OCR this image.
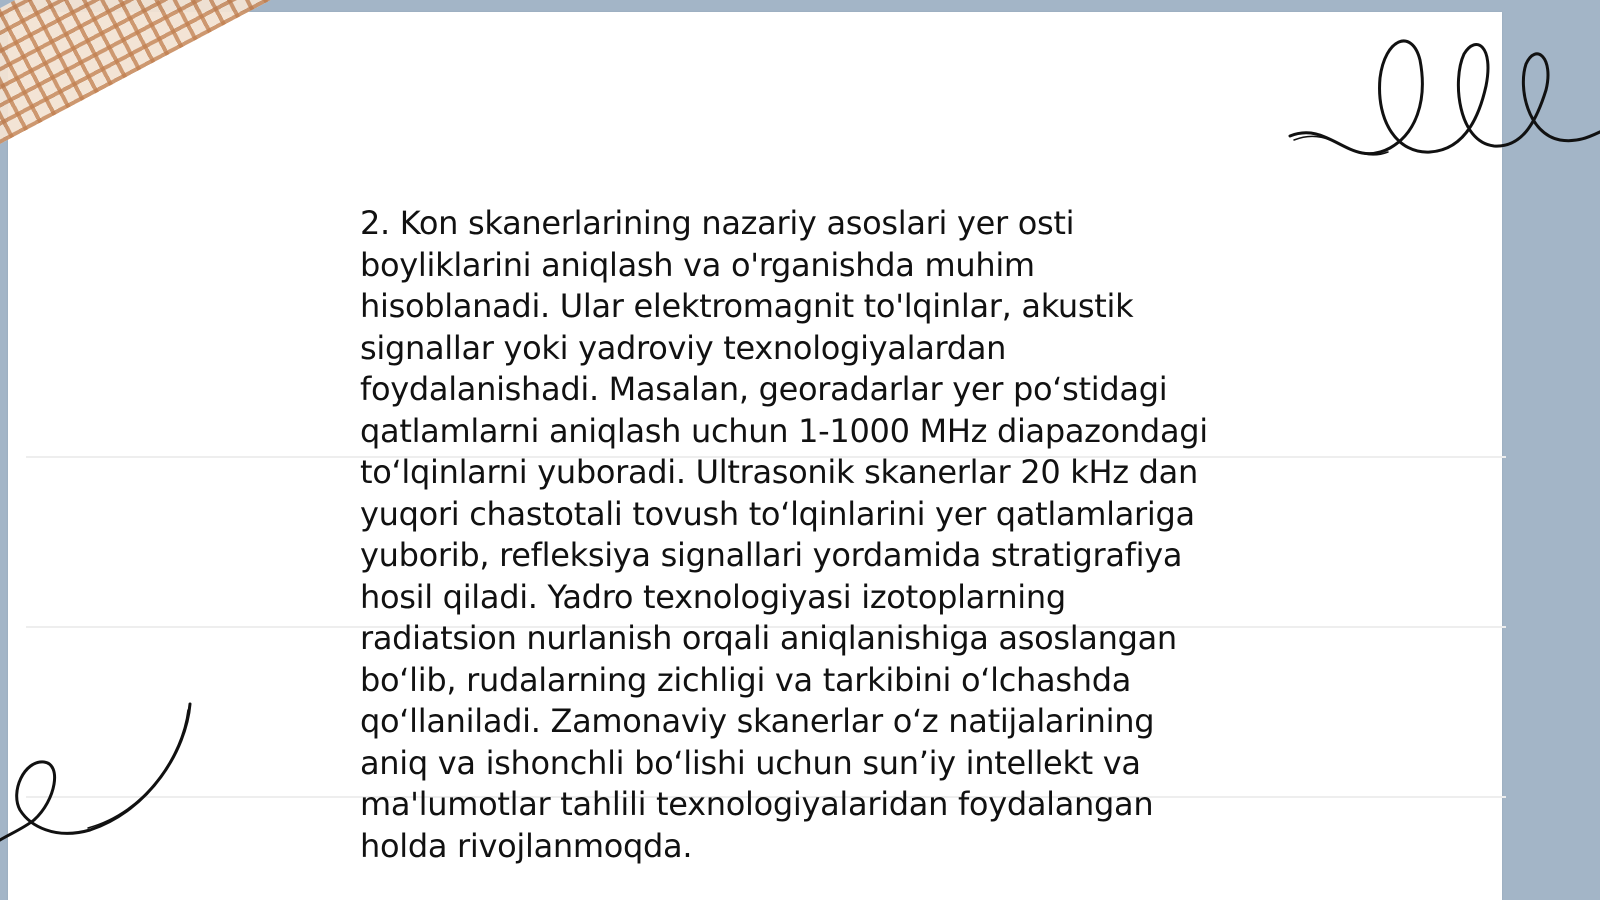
2. Kon skanerlarining nazariy asoslari yer osti
boyliklarini aniqlash va o'rganishda muhim
hisoblanadi. Ular elektromagnit to'lqinlar, akustik
signallar yoki yadroviy texnologiyalardan
foydalanishadi. Masalan, georadarlar yer po‘stidagi
qatlamlarni aniqlash uchun 1-1000 MHz diapazondagi
to‘lqinlarni yuboradi. Ultrasonik skanerlar 20 kHz dan
yuqori chastotali tovush to‘lqinlarini yer qatlamlariga
yuborib, refleksiya signallari yordamida stratigrafiya
hosil qiladi. Yadro texnologiyasi izotoplarning
radiatsion nurlanish orqali aniqlanishiga asoslangan
bo‘lib, rudalarning zichligi va tarkibini o‘lchashda
qo‘llaniladi. Zamonaviy skanerlar o‘z natijalarining
aniq va ishonchli bo‘lishi uchun sun’iy intellekt va
ma'lumotlar tahlili texnologiyalaridan foydalangan
holda rivojlanmoqda.
